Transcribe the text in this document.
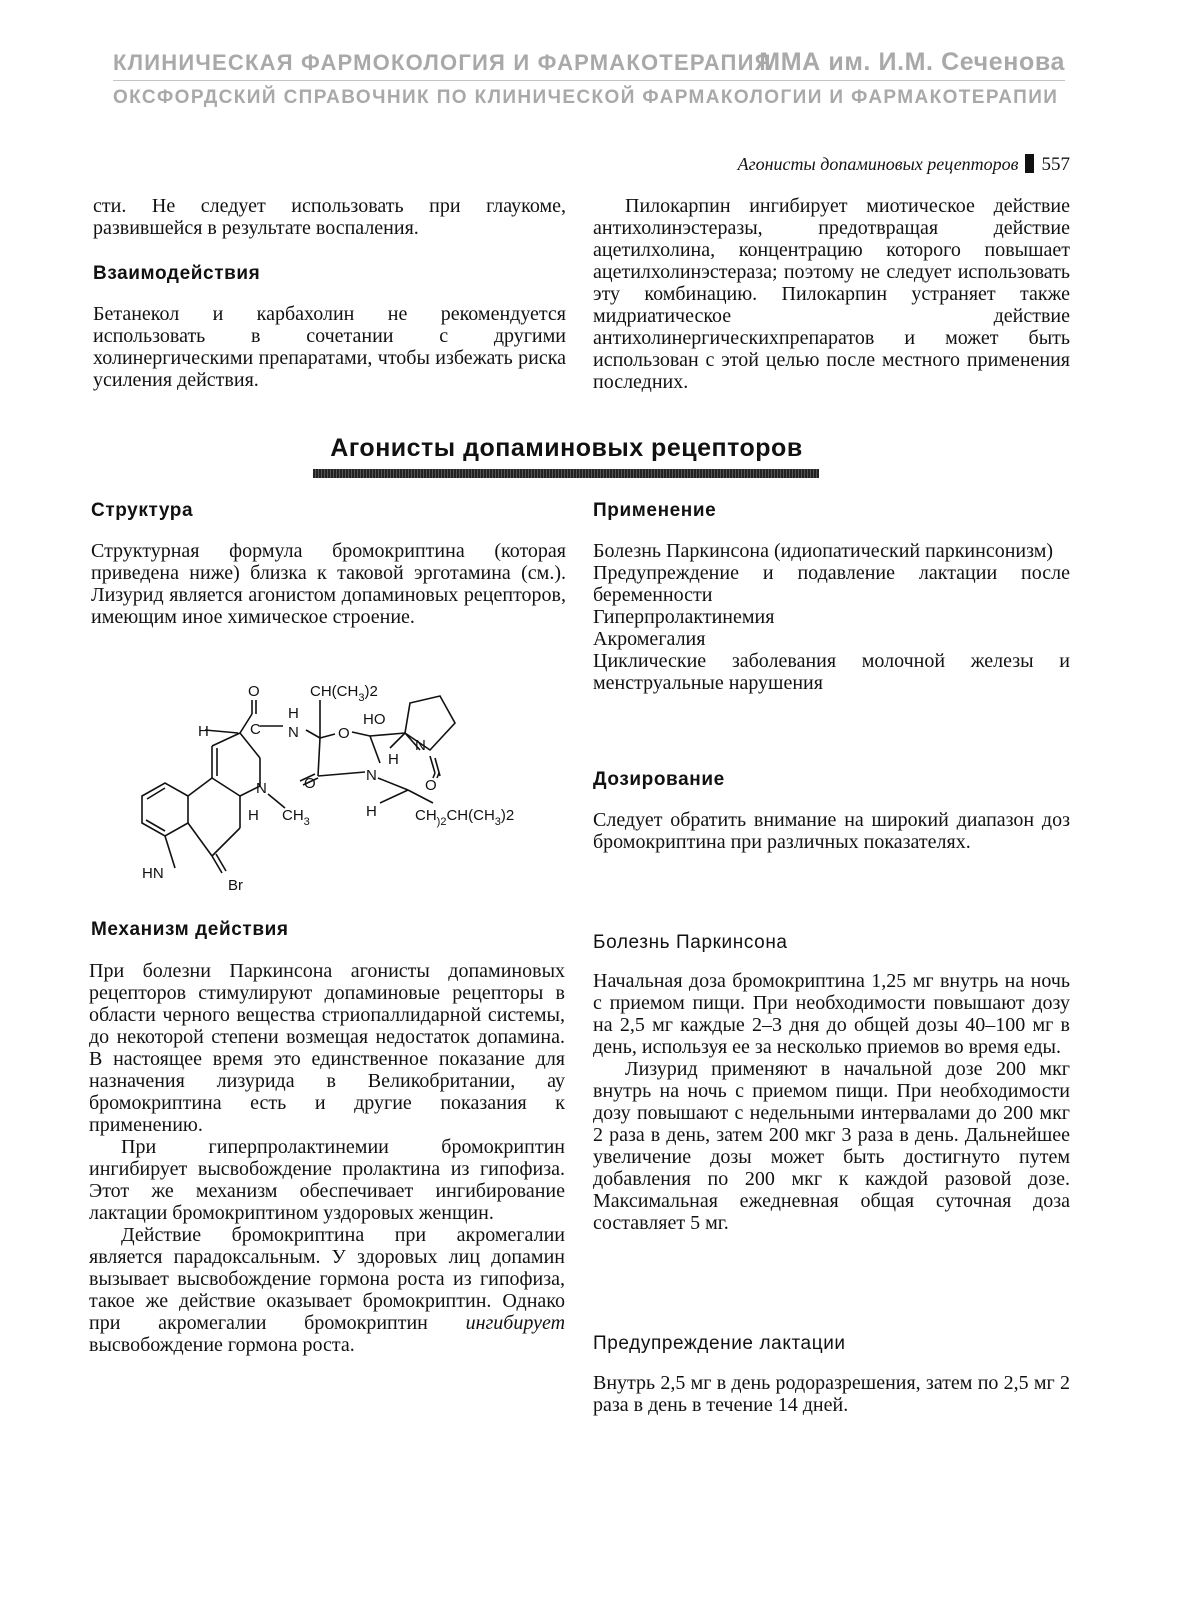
КЛИНИЧЕСКАЯ ФАРМОКОЛОГИЯ И ФАРМАКОТЕРАПИЯ
ММА им. И.М. Сеченова
ОКСФОРДСКИЙ СПРАВОЧНИК ПО КЛИНИЧЕСКОЙ ФАРМАКОЛОГИИ И ФАРМАКОТЕРАПИИ
Агонисты допаминовых рецепторов 557

сти. Не следует использовать при глаукоме, развившейся в результате воспаления.

Взаимодействия

Бетанекол и карбахолин не рекомендуется использовать в сочетании с другими холинергическими препаратами, чтобы избежать риска усиления действия.

Пилокарпин ингибирует миотическое действие антихолинэстеразы, предотвращая действие ацетилхолина, концентрацию которого повышает ацетилхолинэстераза; поэтому не следует использовать эту комбинацию. Пилокарпин устраняет также мидриатическое действие антихолинергическихпрепаратов и может быть использован с этой целью после местного применения последних.

Агонисты допаминовых рецепторов
Структура

Структурная формула бромокриптина (которая приведена ниже) близка к таковой эрготамина (см.). Лизурид является агонистом допаминовых рецепторов, имеющим иное химическое строение.

O
H
$CH(CH_3)2$
H	C N	O
HO
N
H
N
N
$CH_3$
H	H	$CH_{)2}CH(CH_3)2$
HN
Br
O	O
Механизм действия

При болезни Паркинсона агонисты допаминовых рецепторов стимулируют допаминовые рецепторы в области черного вещества стриопаллидарной системы, до некоторой степени возмещая недостаток допамина. В настоящее время это единственное показание для назначения лизурида в Великобритании, ау бромокриптина есть и другие показания к применению.

При гиперпролактинемии бромокриптин ингибирует высвобождение пролактина из гипофиза. Этот же механизм обеспечивает ингибирование лактации бромокриптином уздоровых женщин.

Действие бромокриптина при акромегалии является парадоксальным. У здоровых лиц допамин вызывает высвобождение гормона роста из гипофиза, такое же действие оказывает бромокриптин. Однако при акромегалии бромокриптин ингибирует высвобождение гормона роста.

Применение

Болезнь Паркинсона (идиопатический паркинсонизм)

Предупреждение и подавление лактации после беременности

Гиперпролактинемия

Акромегалия

Циклические заболевания молочной железы и менструальные нарушения

Дозирование

Следует обратить внимание на широкий диапазон доз бромокриптина при различных показателях.

Болезнь Паркинсона

Начальная доза бромокриптина 1,25 мг внутрь на ночь с приемом пищи. При необходимости повышают дозу на 2,5 мг каждые 2–3 дня до общей дозы 40–100 мг в день, используя ее за несколько приемов во время еды.

Лизурид применяют в начальной дозе 200 мкг внутрь на ночь с приемом пищи. При необходимости дозу повышают с недельными интервалами до 200 мкг 2 раза в день, затем 200 мкг 3 раза в день. Дальнейшее увеличение дозы может быть достигнуто путем добавления по 200 мкг к каждой разовой дозе. Максимальная ежедневная общая суточная доза составляет 5 мг.

Предупреждение лактации

Внутрь 2,5 мг в день родоразрешения, затем по 2,5 мг 2 раза в день в течение 14 дней.
